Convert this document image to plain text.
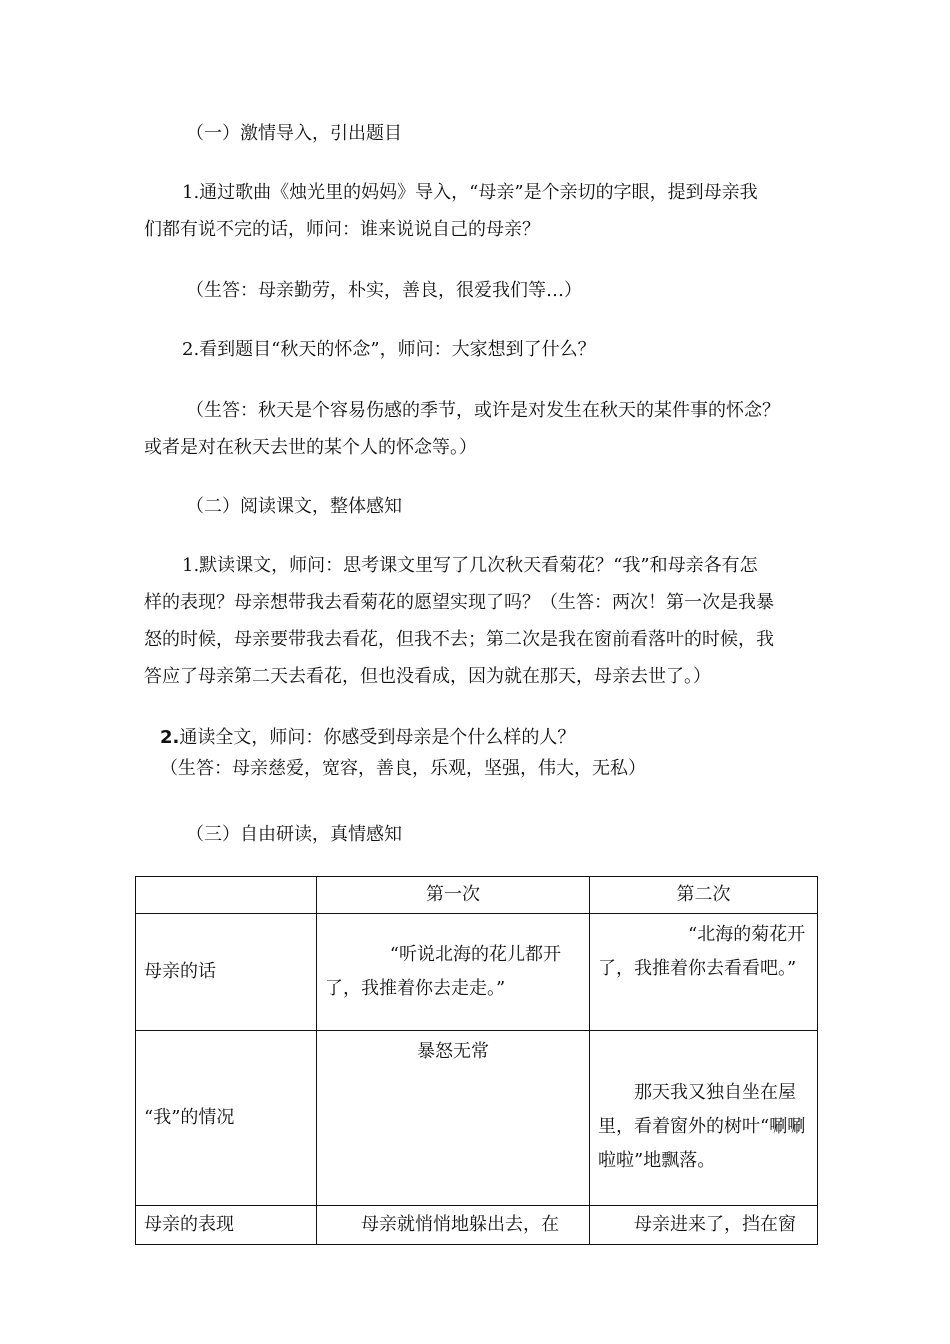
（一）激情导入，引出题目
1.通过歌曲《烛光里的妈妈》导入，“母亲”是个亲切的字眼，提到母亲我
们都有说不完的话，师问：谁来说说自己的母亲？
（生答：母亲勤劳，朴实，善良，很爱我们等…）
2.看到题目“秋天的怀念”，师问：大家想到了什么？
（生答：秋天是个容易伤感的季节，或许是对发生在秋天的某件事的怀念？
或者是对在秋天去世的某个人的怀念等。）
（二）阅读课文，整体感知
1.默读课文，师问：思考课文里写了几次秋天看菊花？“我”和母亲各有怎
样的表现？母亲想带我去看菊花的愿望实现了吗？（生答：两次！第一次是我暴
怒的时候，母亲要带我去看花，但我不去；第二次是我在窗前看落叶的时候，我
答应了母亲第二天去看花，但也没看成，因为就在那天，母亲去世了。）
2.通读全文，师问：你感受到母亲是个什么样的人？
（生答：母亲慈爱，宽容，善良，乐观，坚强，伟大，无私）
（三）自由研读，真情感知
	第一次	第二次
母亲的话	“听说北海的花儿都开了，我推着你去走走。”	“北海的菊花开了，我推着你去看看吧。”
“我”的情况	暴怒无常	那天我又独自坐在屋里，看着窗外的树叶“唰唰啦啦”地飘落。
母亲的表现	母亲就悄悄地躲出去，在	母亲进来了，挡在窗
